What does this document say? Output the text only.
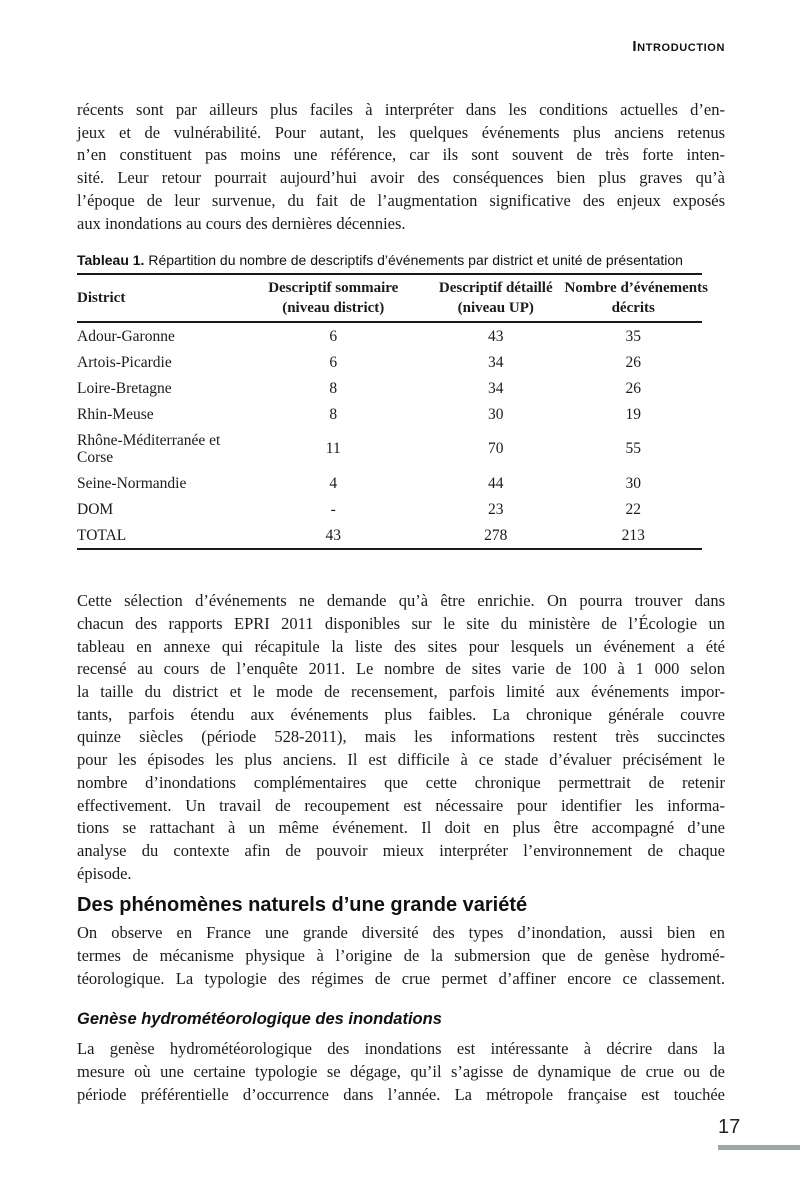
Introduction
récents sont par ailleurs plus faciles à interpréter dans les conditions actuelles d’en-
jeux et de vulnérabilité. Pour autant, les quelques événements plus anciens retenus
n’en constituent pas moins une référence, car ils sont souvent de très forte inten-
sité. Leur retour pourrait aujourd’hui avoir des conséquences bien plus graves qu’à
l’époque de leur survenue, du fait de l’augmentation significative des enjeux exposés
aux inondations au cours des dernières décennies.
Tableau 1. Répartition du nombre de descriptifs d’événements par district et unité de présentation
District

Descriptif sommaire
(niveau district)

Descriptif détaillé
(niveau UP)

Nombre d’événements
décrits

Adour-Garonne	6	43	35
Artois-Picardie	6	34	26
Loire-Bretagne	8	34	26
Rhin-Meuse	8	30	19
Rhône-Méditerranée et Corse	11	70	55
Seine-Normandie	4	44	30
DOM	-	23	22
TOTAL	43	278	213
Cette sélection d’événements ne demande qu’à être enrichie. On pourra trouver dans
chacun des rapports EPRI 2011 disponibles sur le site du ministère de l’Écologie un
tableau en annexe qui récapitule la liste des sites pour lesquels un événement a été
recensé au cours de l’enquête 2011. Le nombre de sites varie de 100 à 1 000 selon
la taille du district et le mode de recensement, parfois limité aux événements impor-
tants, parfois étendu aux événements plus faibles. La chronique générale couvre
quinze siècles (période 528-2011), mais les informations restent très succinctes
pour les épisodes les plus anciens. Il est difficile à ce stade d’évaluer précisément le
nombre d’inondations complémentaires que cette chronique permettrait de retenir
effectivement. Un travail de recoupement est nécessaire pour identifier les informa-
tions se rattachant à un même événement. Il doit en plus être accompagné d’une
analyse du contexte afin de pouvoir mieux interpréter l’environnement de chaque
épisode.
Des phénomènes naturels d’une grande variété
On observe en France une grande diversité des types d’inondation, aussi bien en
termes de mécanisme physique à l’origine de la submersion que de genèse hydromé-
téorologique. La typologie des régimes de crue permet d’affiner encore ce classement.
Genèse hydrométéorologique des inondations
La genèse hydrométéorologique des inondations est intéressante à décrire dans la
mesure où une certaine typologie se dégage, qu’il s’agisse de dynamique de crue ou de
période préférentielle d’occurrence dans l’année. La métropole française est touchée
17
